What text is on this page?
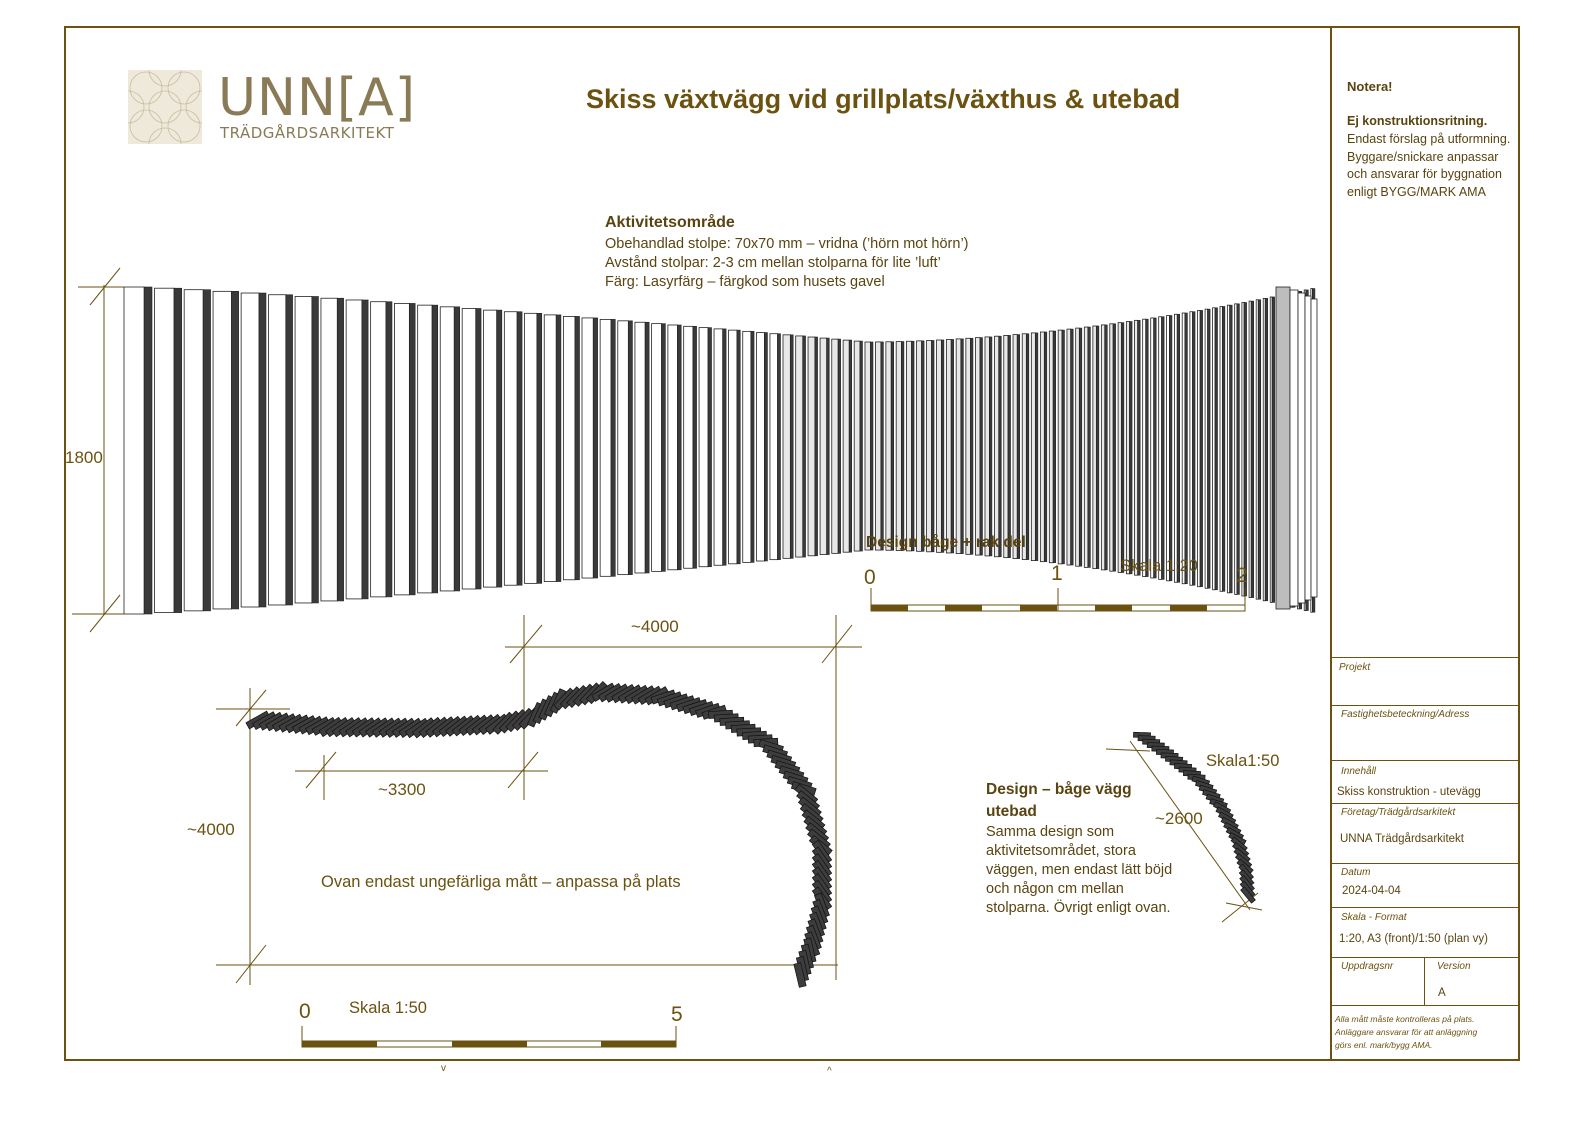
UNN[A]
TRÄDGÅRDSARKITEKT
Skiss växtvägg vid grillplats/växthus & utebad	Notera!
Ej konstruktionsritning.
Endast förslag på utformning.
Byggare/snickare anpassar
och ansvarar för byggnation
enligt BYGG/MARK AMA
Aktivitetsområde
Obehandlad stolpe: 70x70 mm – vridna (’hörn mot hörn’)
Avstånd stolpar: 2-3 cm mellan stolparna för lite ’luft’
Färg: Lasyrfärg – färgkod som husets gavel
1800
Design båge + rak del
Skala 1:20
0	1	2
~4000
~3300
~4000
Ovan endast ungefärliga mått – anpassa på plats
Skala 1:50
0	5
Design – båge vägg
utebad
Samma design som
aktivitetsområdet, stora
väggen, men endast lätt böjd
och någon cm mellan
stolparna. Övrigt enligt ovan.
Skala1:50
~2600
Projekt
Fastighetsbeteckning/Adress
Innehåll
Skiss konstruktion - utevägg
Företag/Trädgårdsarkitekt
UNNA Trädgårdsarkitekt
Datum
2024-04-04
Skala - Format
1:20, A3 (front)/1:50 (plan vy)
Uppdragsnr	Version
A
Alla mått måste kontrolleras på plats.
Anläggare ansvarar för att anläggning
görs enl. mark/bygg AMA.
v	^
